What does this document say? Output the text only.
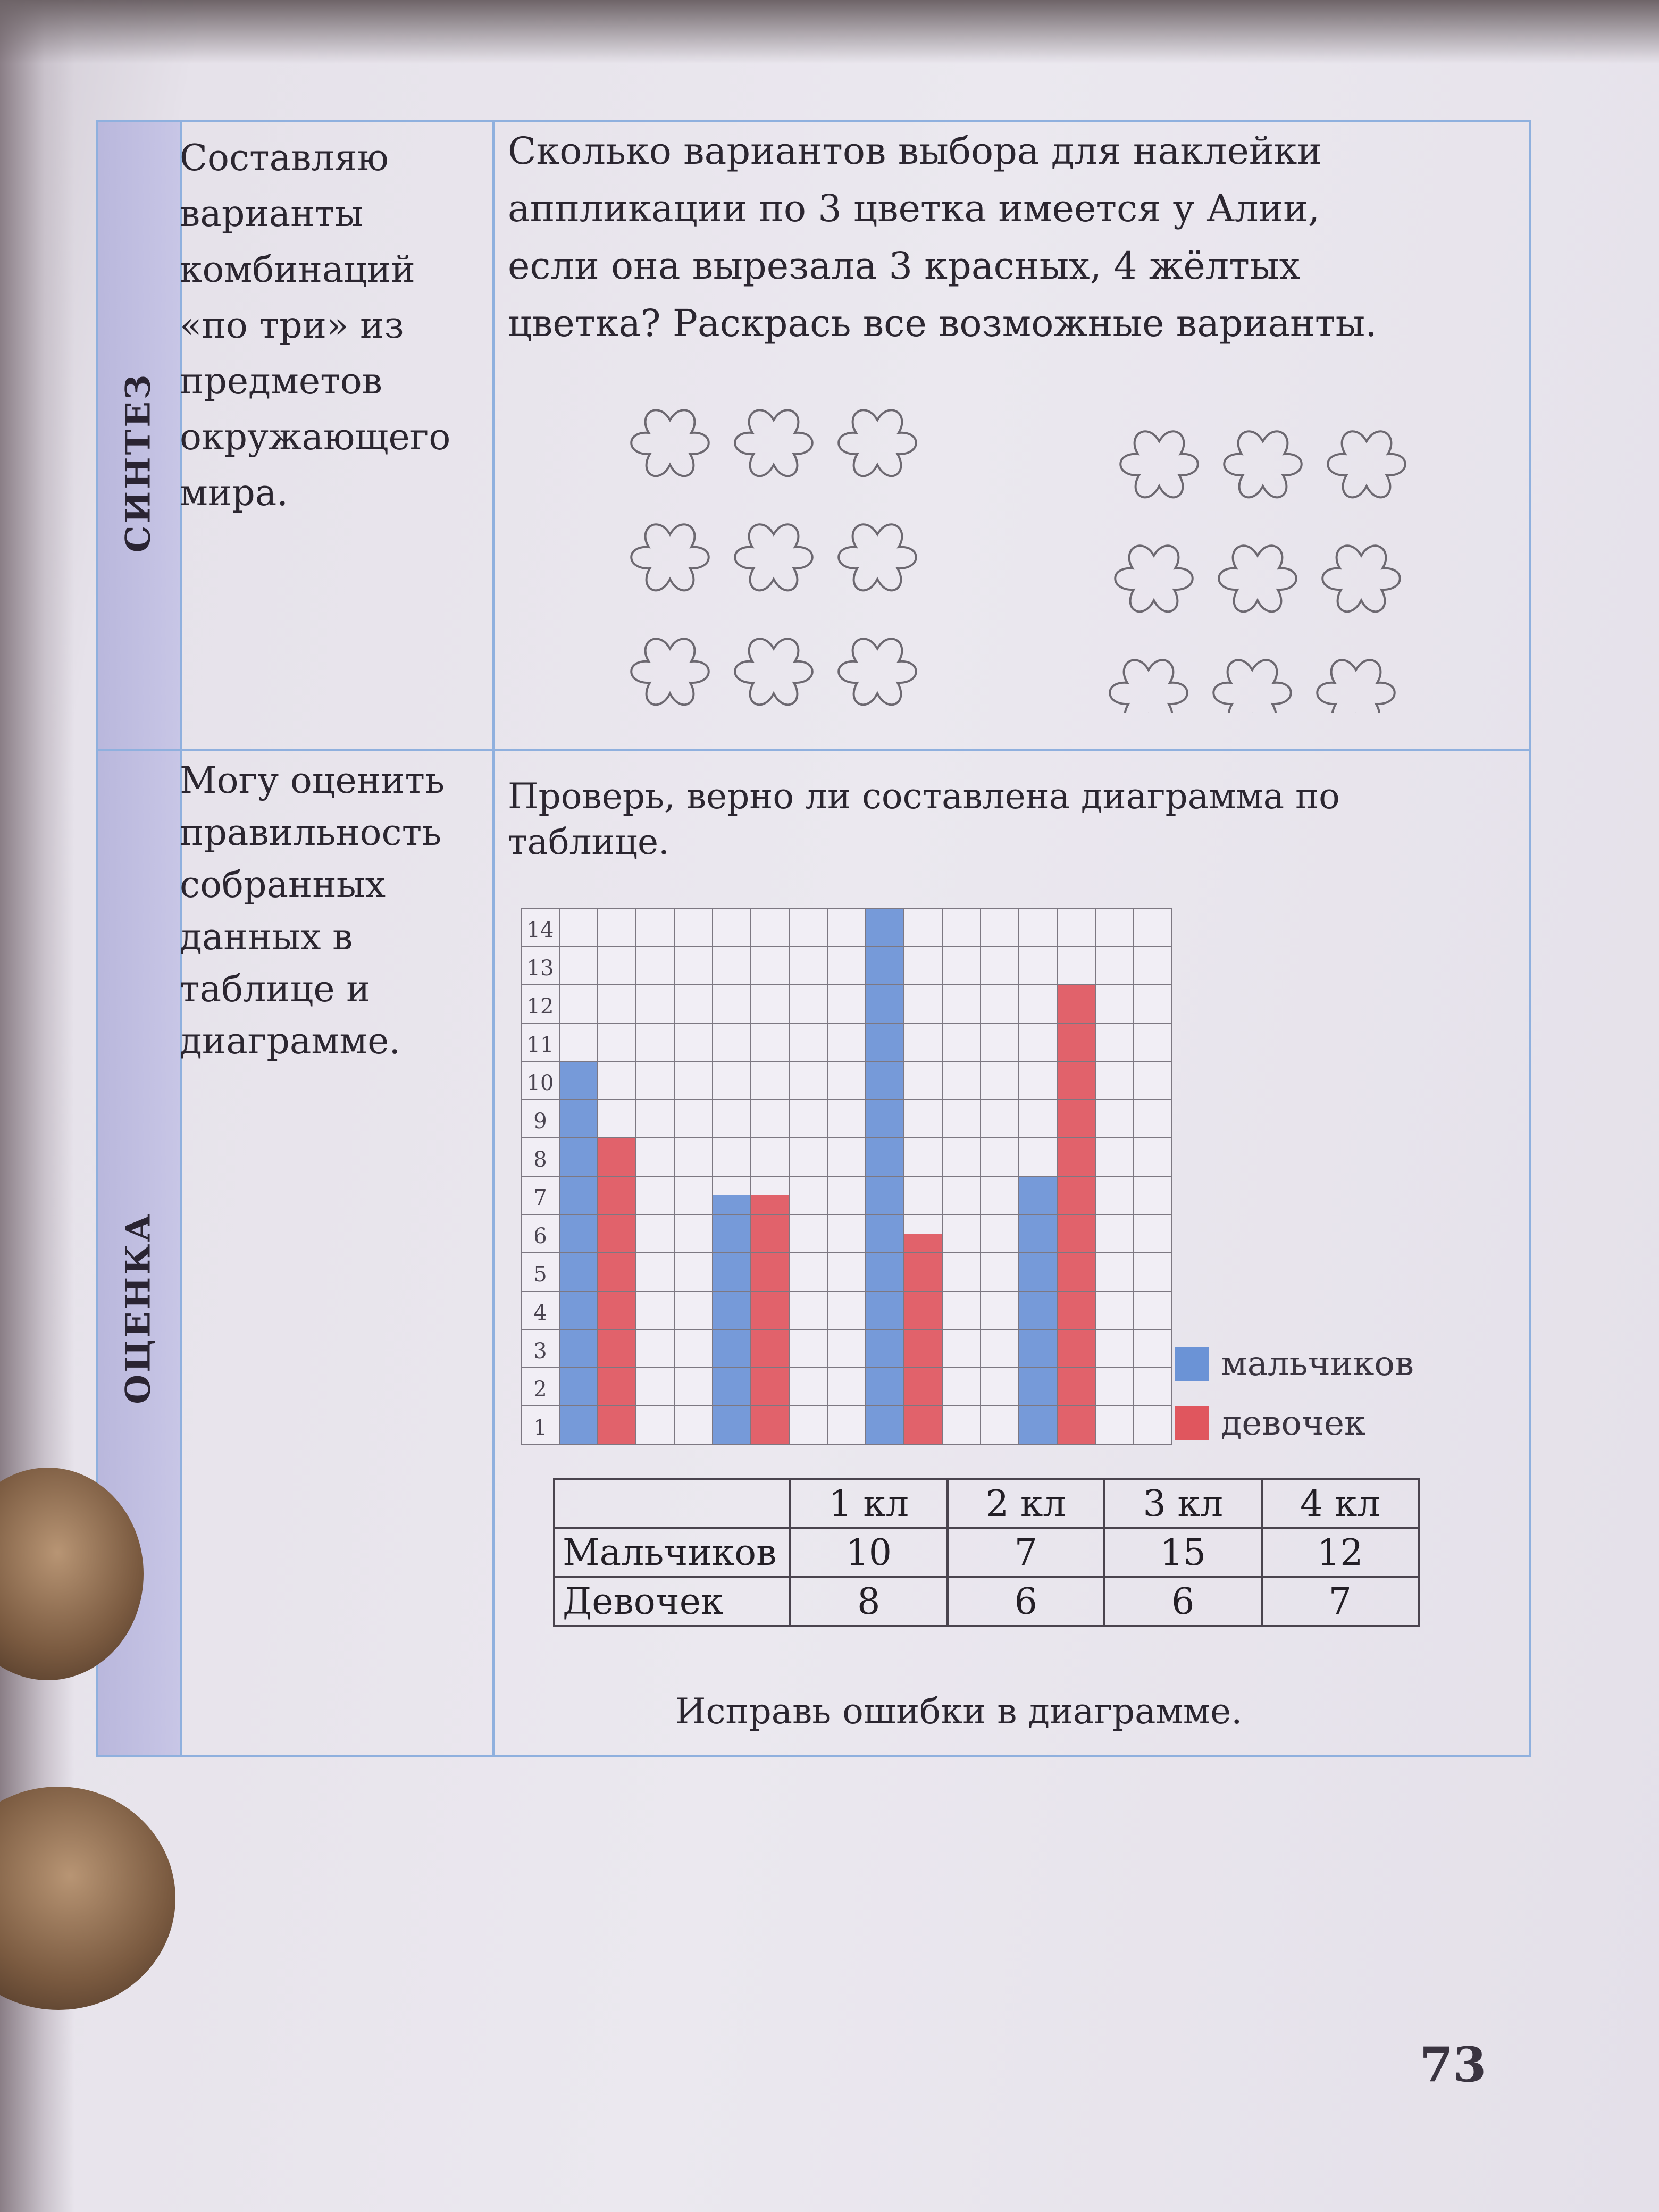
СИНТЕЗ
ОЦЕНКА
Составляю
варианты
комбинаций
«по три» из
предметов
окружающего
мира.
Могу оценить
правильность
собранных
данных в
таблице и
диаграмме.
Сколько вариантов выбора для наклейки
аппликации по 3 цветка имеется у Алии,
если она вырезала 3 красных, 4 жёлтых
цветка? Раскрась все возможные варианты.
Проверь, верно ли составлена диаграмма по
таблице.
1
2
3
4
5
6
7
8
9
10
11
12
13
14
мальчиков
девочек
	1 кл	2 кл	3 кл	4 кл
Мальчиков	10	7	15	12
Девочек	8	6	6	7
Исправь ошибки в диаграмме.
73
